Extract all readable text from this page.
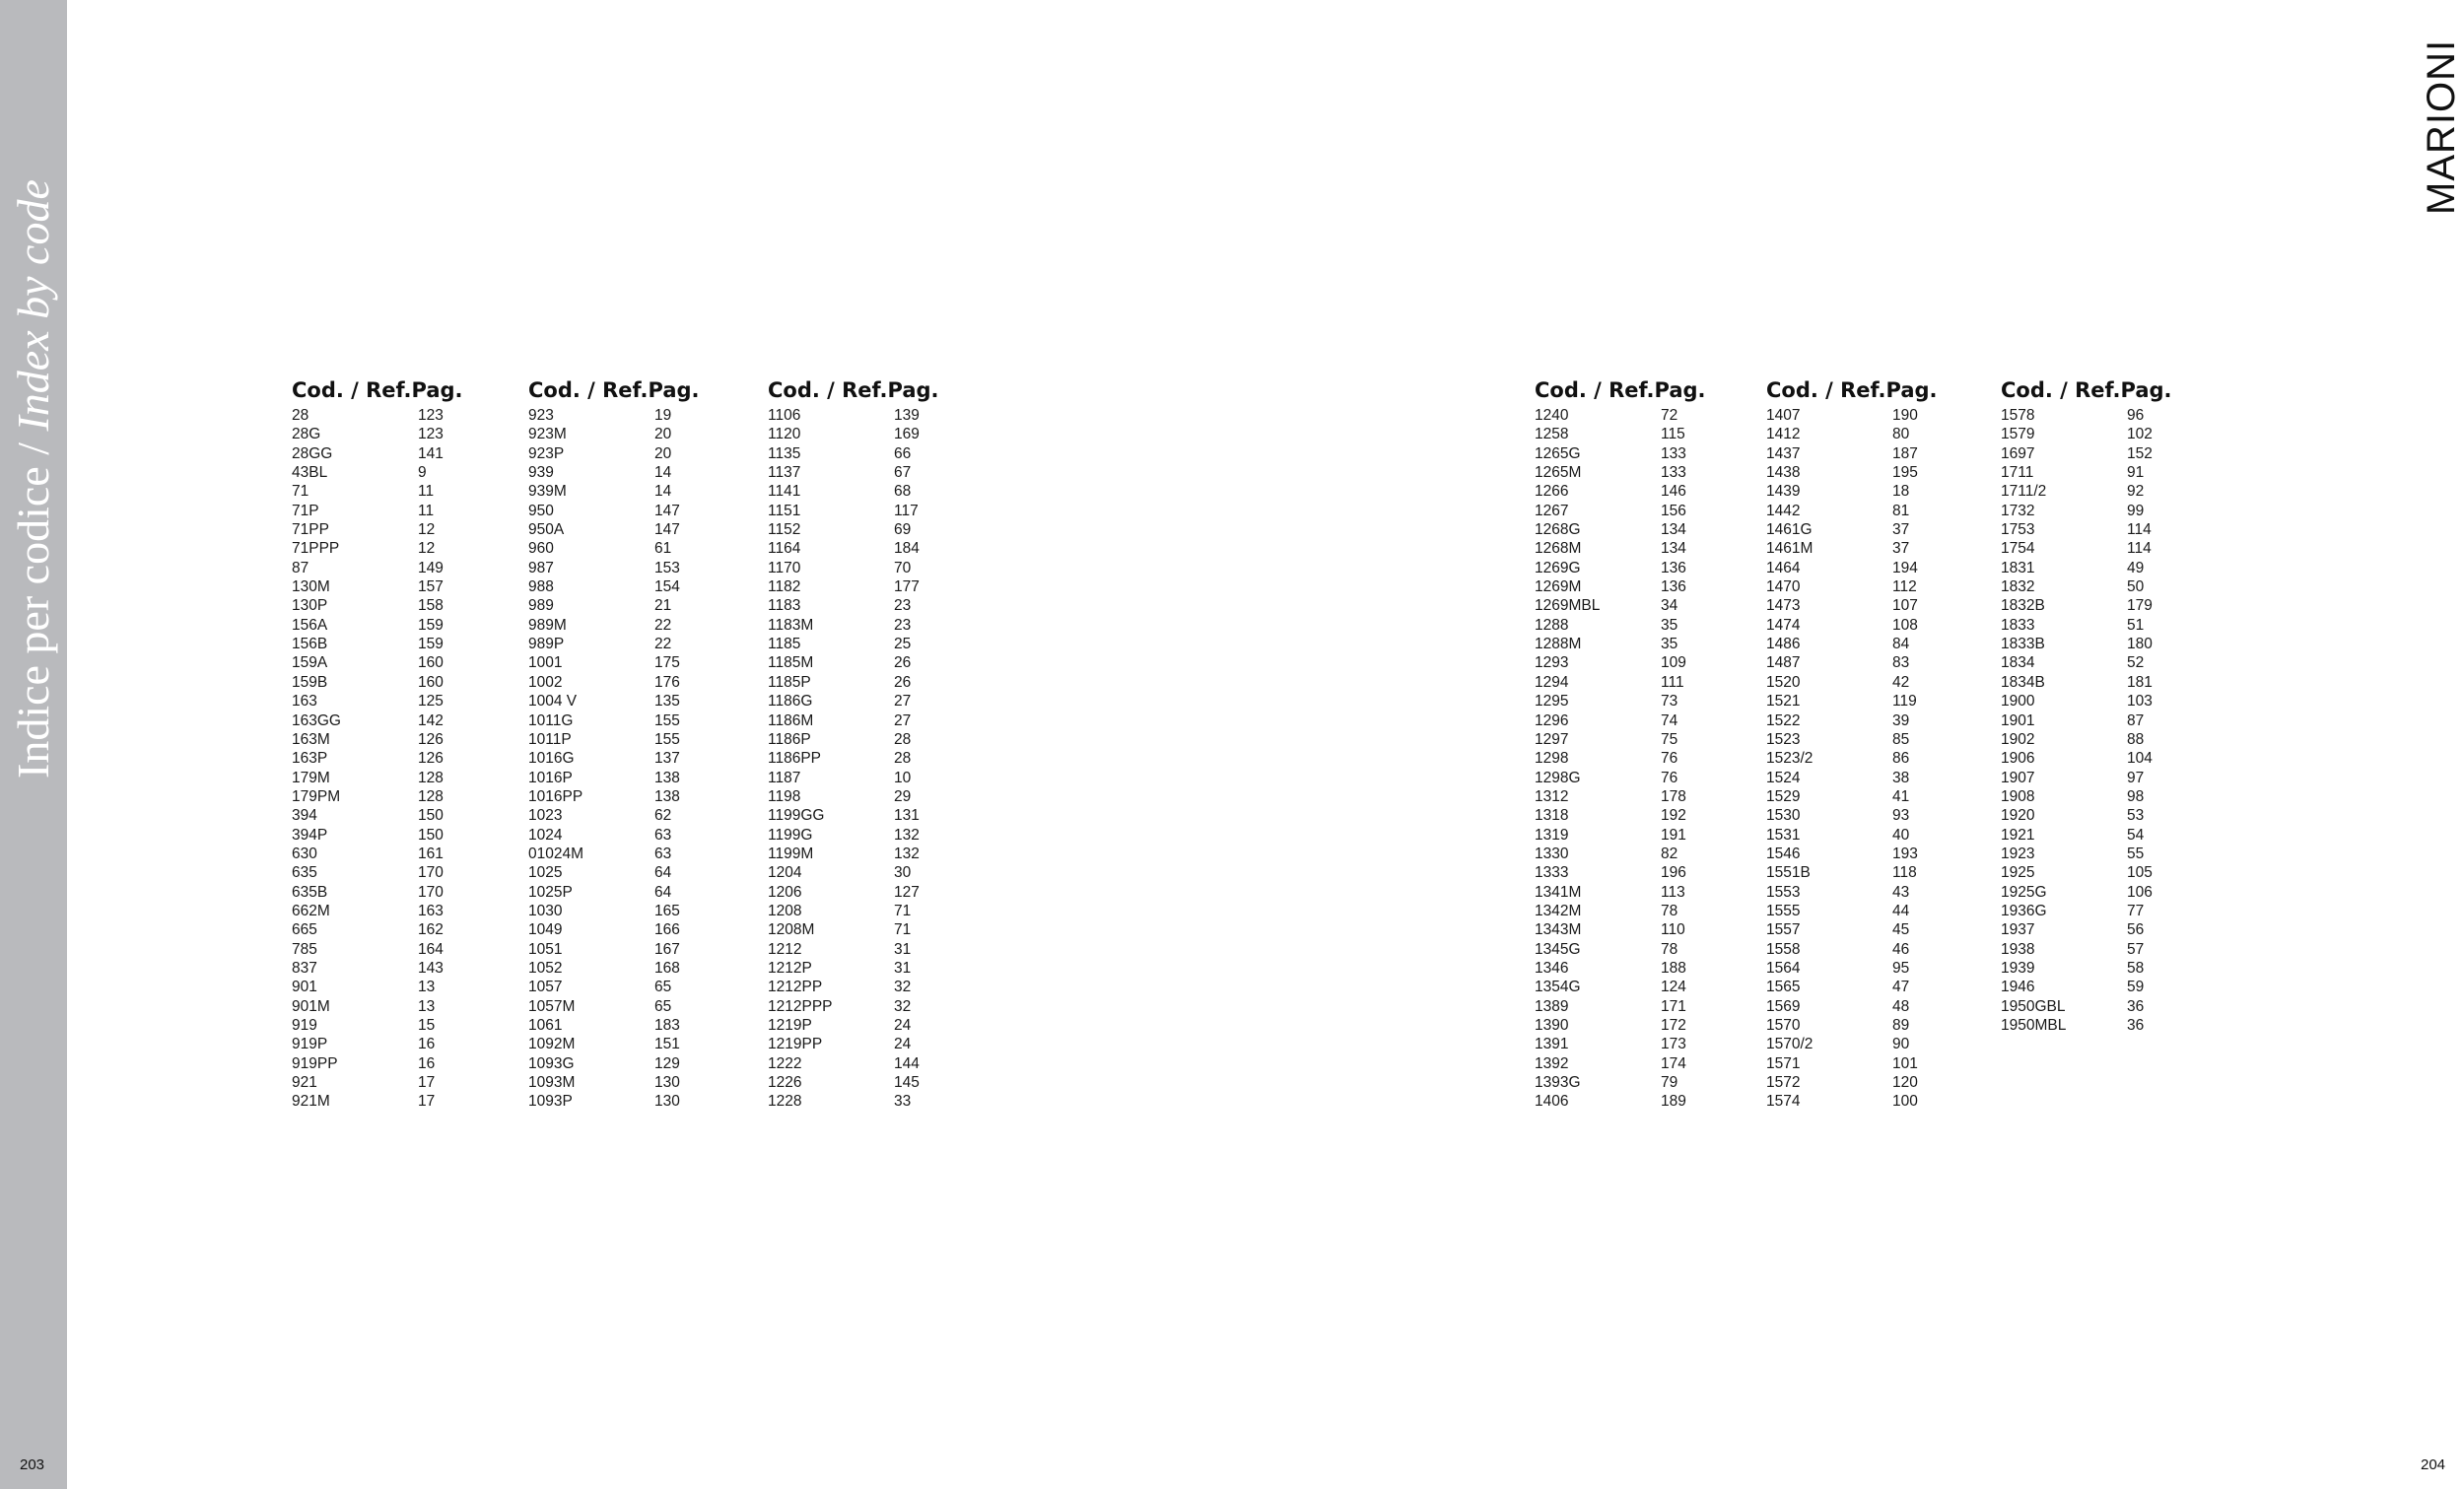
Indice per codice / Index by code
MARIONI
203	204
Cod. / Ref.Pag.
28	123
28G	123
28GG	141
43BL	9
71	11
71P	11
71PP	12
71PPP	12
87	149
130M	157
130P	158
156A	159
156B	159
159A	160
159B	160
163	125
163GG	142
163M	126
163P	126
179M	128
179PM	128
394	150
394P	150
630	161
635	170
635B	170
662M	163
665	162
785	164
837	143
901	13
901M	13
919	15
919P	16
919PP	16
921	17
921M	17
Cod. / Ref.Pag.
923	19
923M	20
923P	20
939	14
939M	14
950	147
950A	147
960	61
987	153
988	154
989	21
989M	22
989P	22
1001	175
1002	176
1004 V	135
1011G	155
1011P	155
1016G	137
1016P	138
1016PP	138
1023	62
1024	63
01024M	63
1025	64
1025P	64
1030	165
1049	166
1051	167
1052	168
1057	65
1057M	65
1061	183
1092M	151
1093G	129
1093M	130
1093P	130
Cod. / Ref.Pag.
1106	139
1120	169
1135	66
1137	67
1141	68
1151	117
1152	69
1164	184
1170	70
1182	177
1183	23
1183M	23
1185	25
1185M	26
1185P	26
1186G	27
1186M	27
1186P	28
1186PP	28
1187	10
1198	29
1199GG	131
1199G	132
1199M	132
1204	30
1206	127
1208	71
1208M	71
1212	31
1212P	31
1212PP	32
1212PPP	32
1219P	24
1219PP	24
1222	144
1226	145
1228	33
Cod. / Ref.Pag.
1240	72
1258	115
1265G	133
1265M	133
1266	146
1267	156
1268G	134
1268M	134
1269G	136
1269M	136
1269MBL	34
1288	35
1288M	35
1293	109
1294	111
1295	73
1296	74
1297	75
1298	76
1298G	76
1312	178
1318	192
1319	191
1330	82
1333	196
1341M	113
1342M	78
1343M	110
1345G	78
1346	188
1354G	124
1389	171
1390	172
1391	173
1392	174
1393G	79
1406	189
Cod. / Ref.Pag.
1407	190
1412	80
1437	187
1438	195
1439	18
1442	81
1461G	37
1461M	37
1464	194
1470	112
1473	107
1474	108
1486	84
1487	83
1520	42
1521	119
1522	39
1523	85
1523/2	86
1524	38
1529	41
1530	93
1531	40
1546	193
1551B	118
1553	43
1555	44
1557	45
1558	46
1564	95
1565	47
1569	48
1570	89
1570/2	90
1571	101
1572	120
1574	100
Cod. / Ref.Pag.
1578	96
1579	102
1697	152
1711	91
1711/2	92
1732	99
1753	114
1754	114
1831	49
1832	50
1832B	179
1833	51
1833B	180
1834	52
1834B	181
1900	103
1901	87
1902	88
1906	104
1907	97
1908	98
1920	53
1921	54
1923	55
1925	105
1925G	106
1936G	77
1937	56
1938	57
1939	58
1946	59
1950GBL	36
1950MBL	36
